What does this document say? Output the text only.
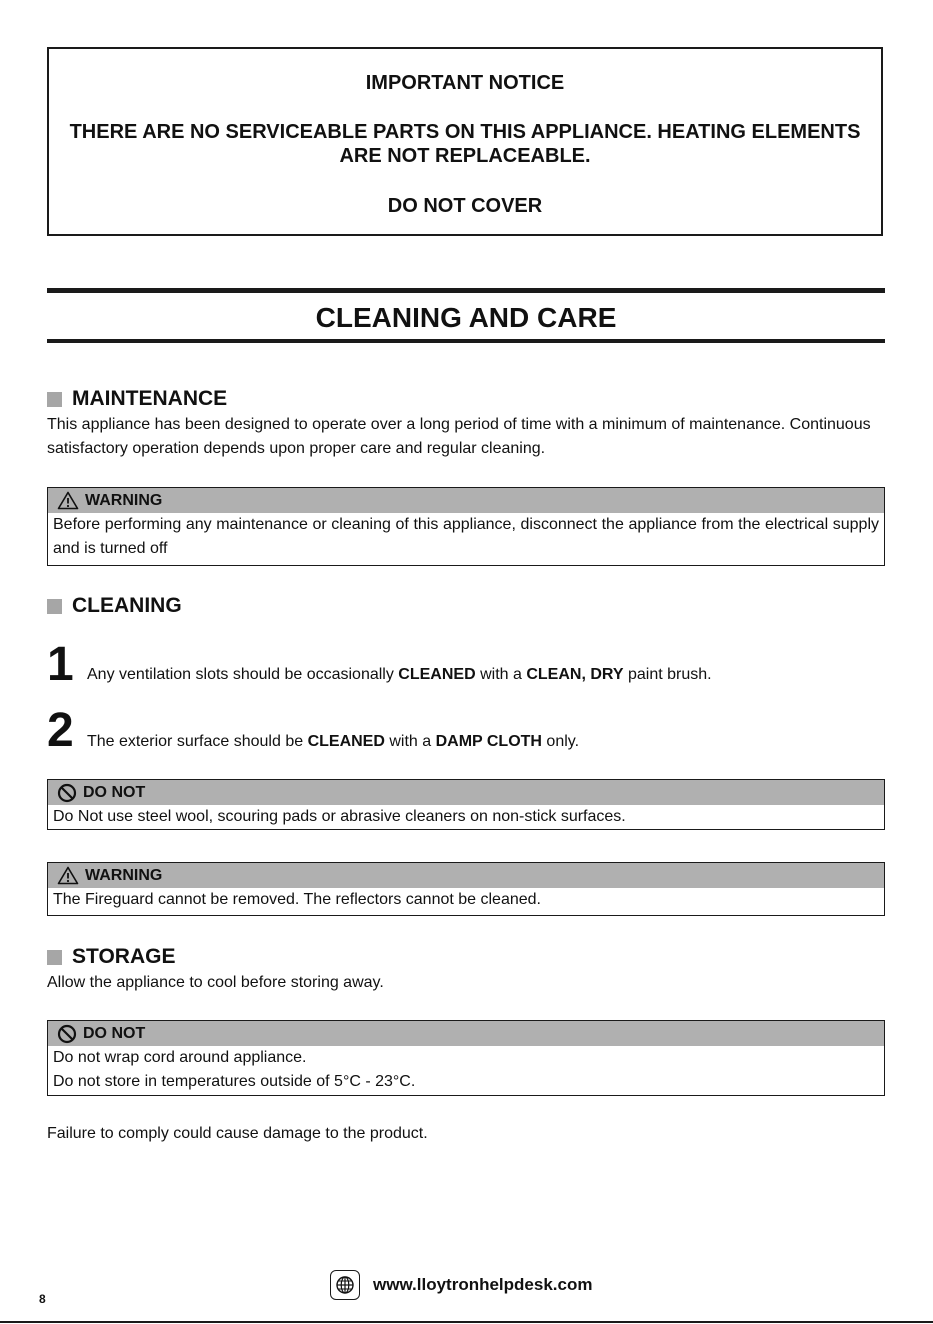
IMPORTANT NOTICE
THERE ARE NO SERVICEABLE PARTS ON THIS APPLIANCE. HEATING ELEMENTS ARE NOT REPLACEABLE.
DO NOT COVER
CLEANING AND CARE
MAINTENANCE
This appliance has been designed to operate over a long period of time with a minimum of maintenance. Continuous satisfactory operation depends upon proper care and regular cleaning.
WARNING
Before performing any maintenance or cleaning of this appliance, disconnect the appliance from the electrical supply and is turned off
CLEANING
1 Any ventilation slots should be occasionally CLEANED with a CLEAN, DRY paint brush.
2 The exterior surface should be CLEANED with a DAMP CLOTH only.
DO NOT
Do Not use steel wool, scouring pads or abrasive cleaners on non-stick surfaces.
WARNING
The Fireguard cannot be removed. The reflectors cannot be cleaned.
STORAGE
Allow the appliance to cool before storing away.
DO NOT
Do not wrap cord around appliance.
Do not store in temperatures outside of 5°C - 23°C.
Failure to comply could cause damage to the product.
www.lloytronhelpdesk.com
8
